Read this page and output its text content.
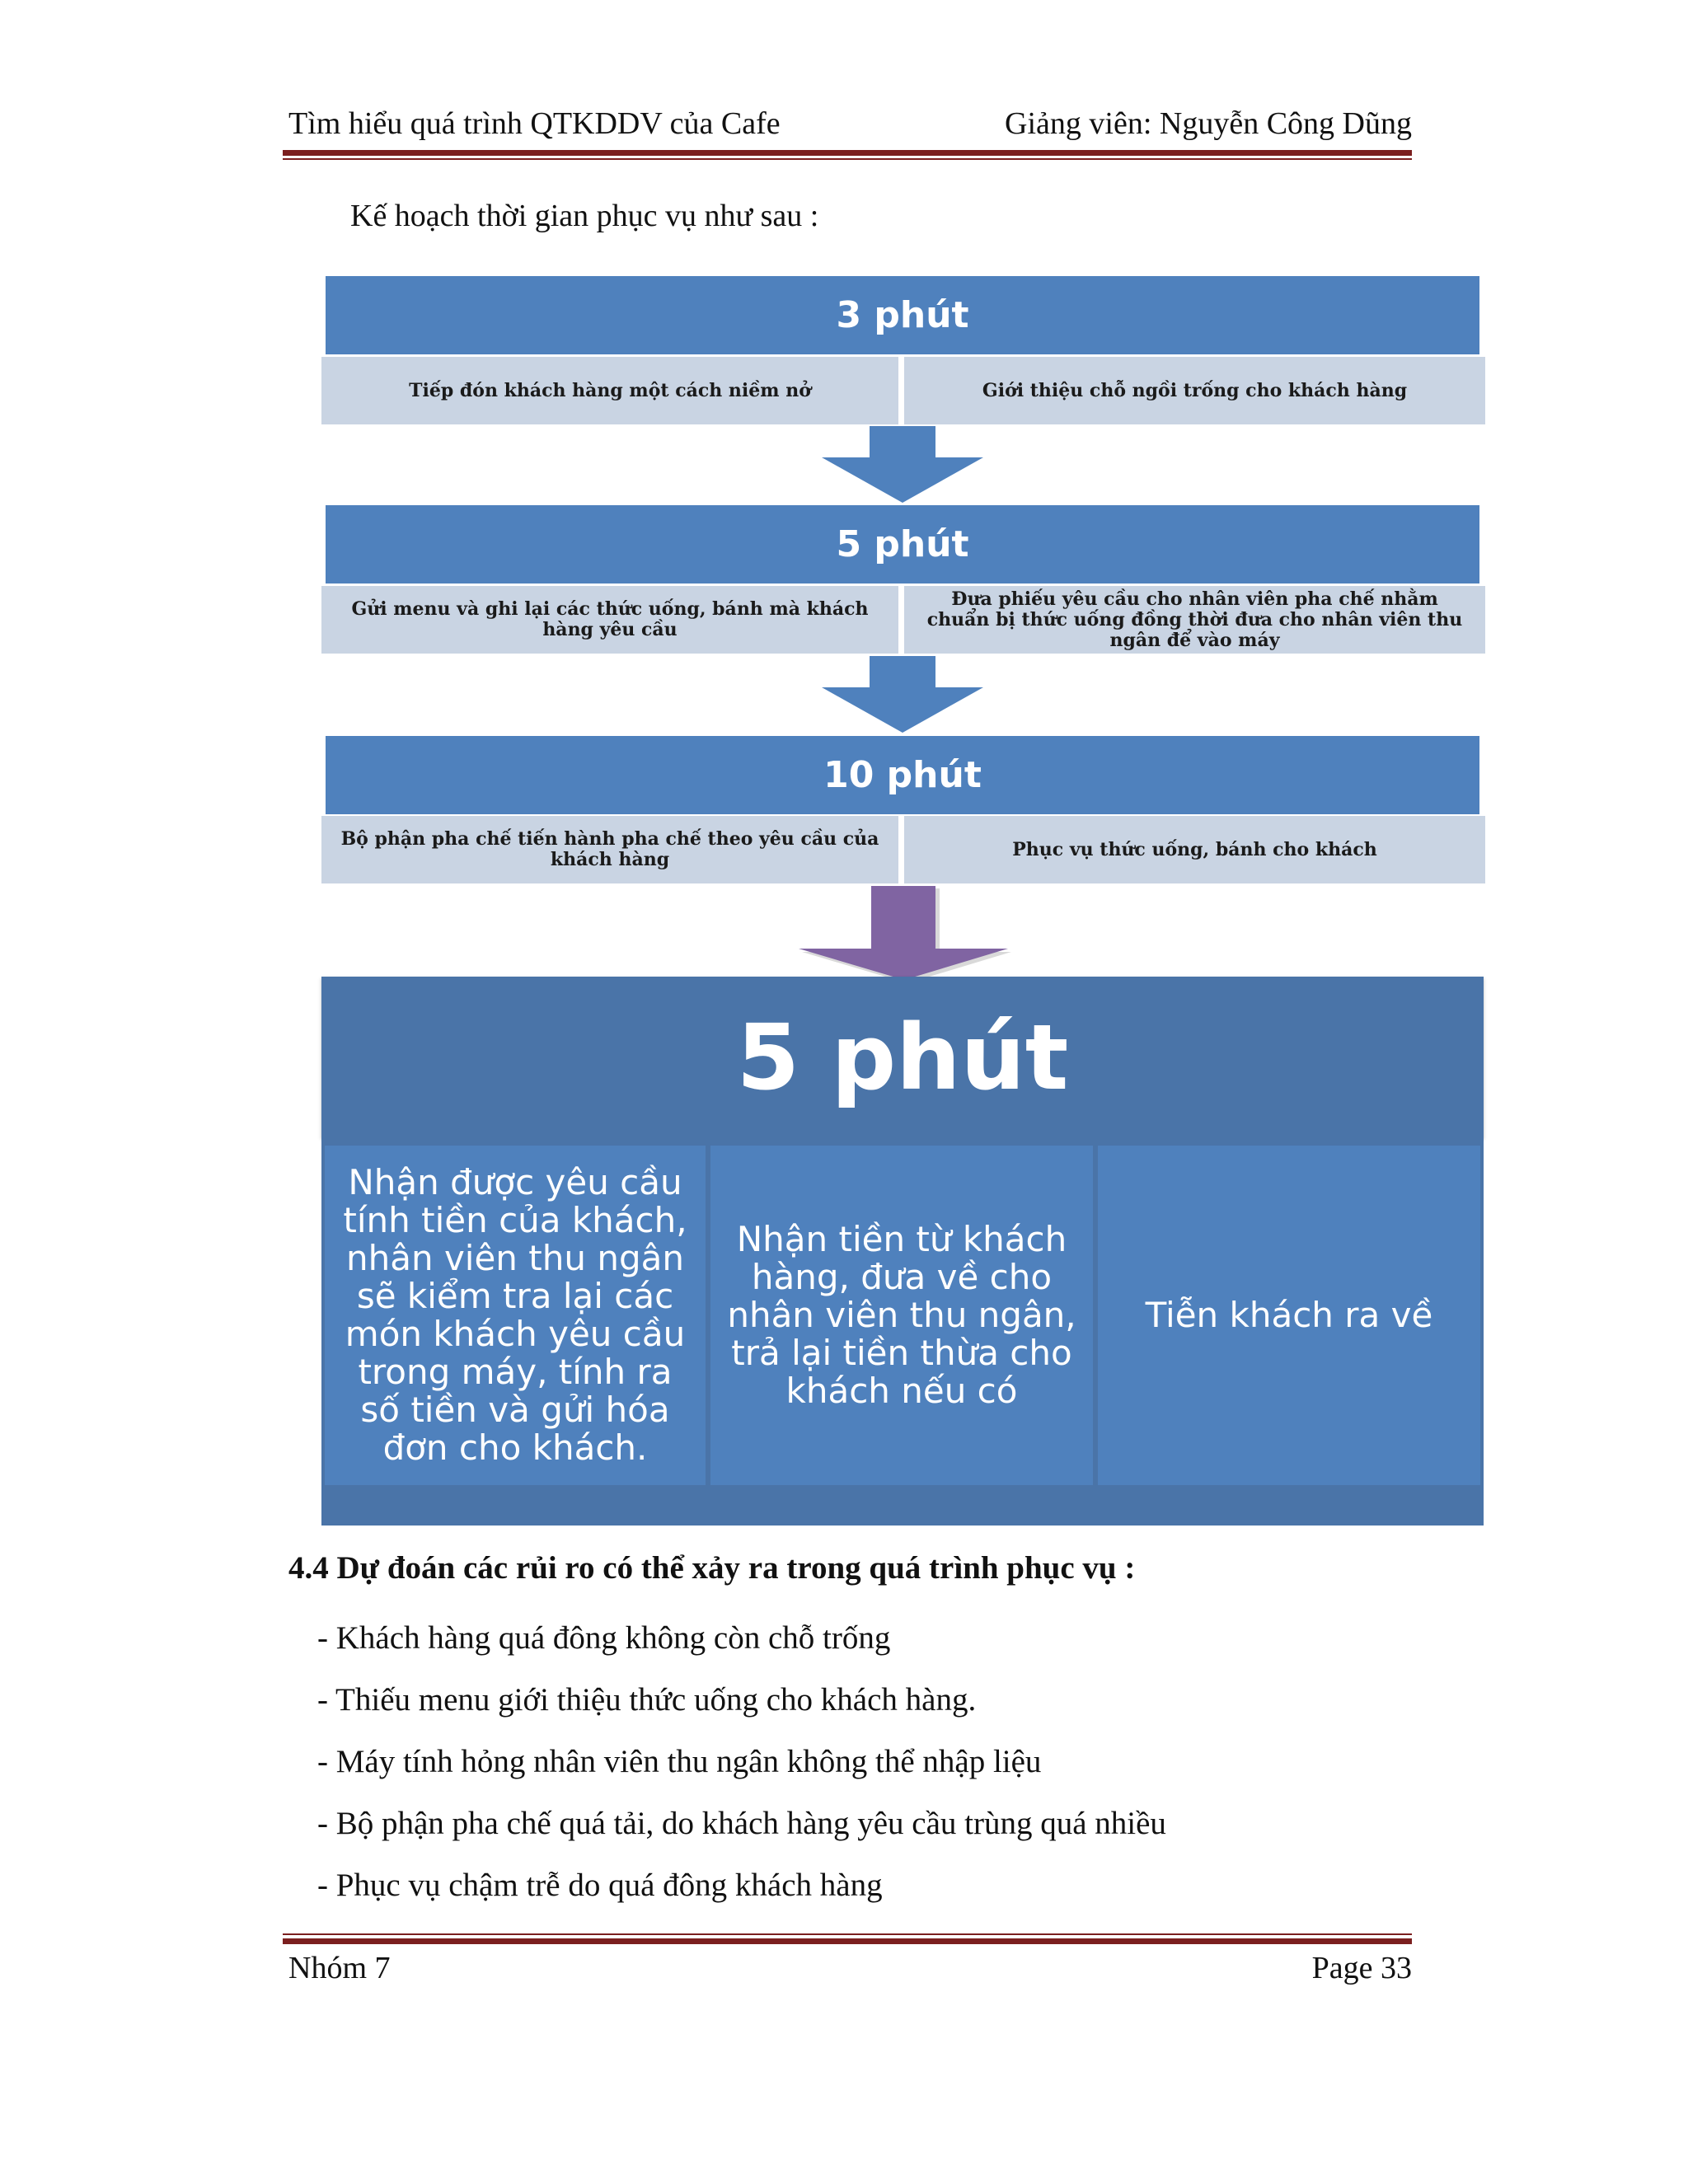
Tìm hiểu quá trình QTKDDV của Cafe	Giảng viên: Nguyễn Công Dũng
Kế hoạch thời gian phục vụ như sau :
3 phút
Tiếp đón khách hàng một cách niềm nở	Giới thiệu chỗ ngồi trống cho khách hàng
5 phút
Gửi menu và ghi lại các thức uống, bánh mà khách hàng yêu cầu
Đưa phiếu yêu cầu cho nhân viên pha chế nhằm chuẩn bị thức uống đồng thời đưa cho nhân viên thu ngân để vào máy
10 phút
Bộ phận pha chế tiến hành pha chế theo yêu cầu của khách hàng	Phục vụ thức uống, bánh cho khách
5 phút
Nhận được yêu cầu tính tiền của khách, nhân viên thu ngân sẽ kiểm tra lại các món khách yêu cầu trong máy, tính ra số tiền và gửi hóa đơn cho khách.
Nhận tiền từ khách hàng, đưa về cho nhân viên thu ngân, trả lại tiền thừa cho khách nếu có
Tiễn khách ra về
4.4 Dự đoán các rủi ro có thể xảy ra trong quá trình phục vụ :
- Khách hàng quá đông không còn chỗ trống
- Thiếu menu giới thiệu thức uống cho khách hàng.
- Máy tính hỏng nhân viên thu ngân không thể nhập liệu
- Bộ phận pha chế quá tải, do khách hàng yêu cầu trùng quá nhiều
- Phục vụ chậm trễ do quá đông khách hàng
Nhóm 7	Page 33
